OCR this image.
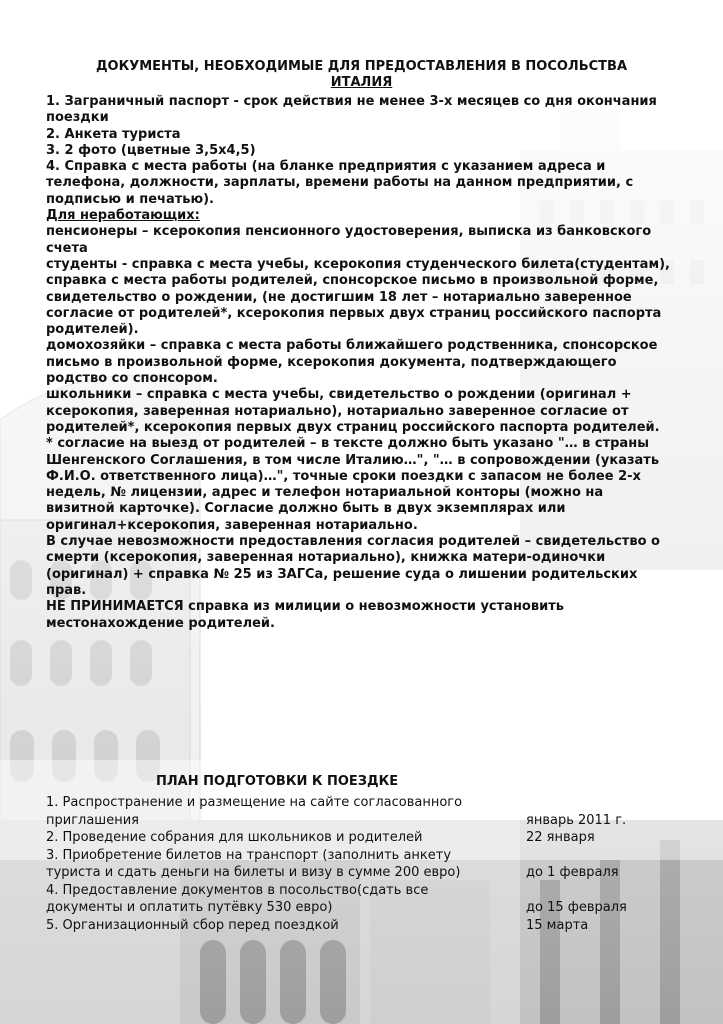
ДОКУМЕНТЫ, НЕОБХОДИМЫЕ ДЛЯ ПРЕДОСТАВЛЕНИЯ В ПОСОЛЬСТВА
ИТАЛИЯ
1. Заграничный паспорт - срок действия не менее 3-х месяцев со дня окончания
поездки
2. Анкета туриста
3. 2 фото (цветные 3,5х4,5)
4. Справка с места работы (на бланке предприятия с указанием адреса и
телефона, должности, зарплаты, времени работы на данном предприятии, с
подписью и печатью).
Для неработающих:
пенсионеры – ксерокопия пенсионного удостоверения, выписка из банковского
счета
студенты - справка с места учебы, ксерокопия студенческого билета(студентам),
справка с места работы родителей, спонсорское письмо в произвольной форме,
свидетельство о рождении, (не достигшим 18 лет – нотариально заверенное
согласие от родителей*, ксерокопия первых двух страниц российского паспорта
родителей).
домохозяйки – справка с места работы ближайшего родственника, спонсорское
письмо в произвольной форме, ксерокопия документа, подтверждающего
родство со спонсором.
школьники – справка с места учебы, свидетельство о рождении (оригинал +
ксерокопия, заверенная нотариально), нотариально заверенное согласие от
родителей*, ксерокопия первых двух страниц российского паспорта родителей.
* согласие на выезд от родителей – в тексте должно быть указано "… в страны
Шенгенского Соглашения, в том числе Италию…", "… в сопровождении (указать
Ф.И.О. ответственного лица)…", точные сроки поездки с запасом не более 2-х
недель, № лицензии, адрес и телефон нотариальной конторы (можно на
визитной карточке). Согласие должно быть в двух экземплярах или
оригинал+ксерокопия, заверенная нотариально.
В случае невозможности предоставления согласия родителей – свидетельство о
смерти (ксерокопия, заверенная нотариально), книжка матери-одиночки
(оригинал) + справка № 25 из ЗАГСа, решение суда о лишении родительских
прав.
НЕ ПРИНИМАЕТСЯ справка из милиции о невозможности установить
местонахождение родителей.
ПЛАН ПОДГОТОВКИ К ПОЕЗДКЕ
1. Распространение и размещение на сайте согласованного
приглашения	январь 2011 г.
2. Проведение собрания для школьников и родителей	22 января
3. Приобретение билетов на транспорт (заполнить анкету
туриста и сдать деньги на билеты и визу в сумме 200 евро)	до 1 февраля
4. Предоставление документов в посольство(сдать все
документы и оплатить путёвку 530 евро)	до 15 февраля
5. Организационный сбор перед поездкой	15 марта
